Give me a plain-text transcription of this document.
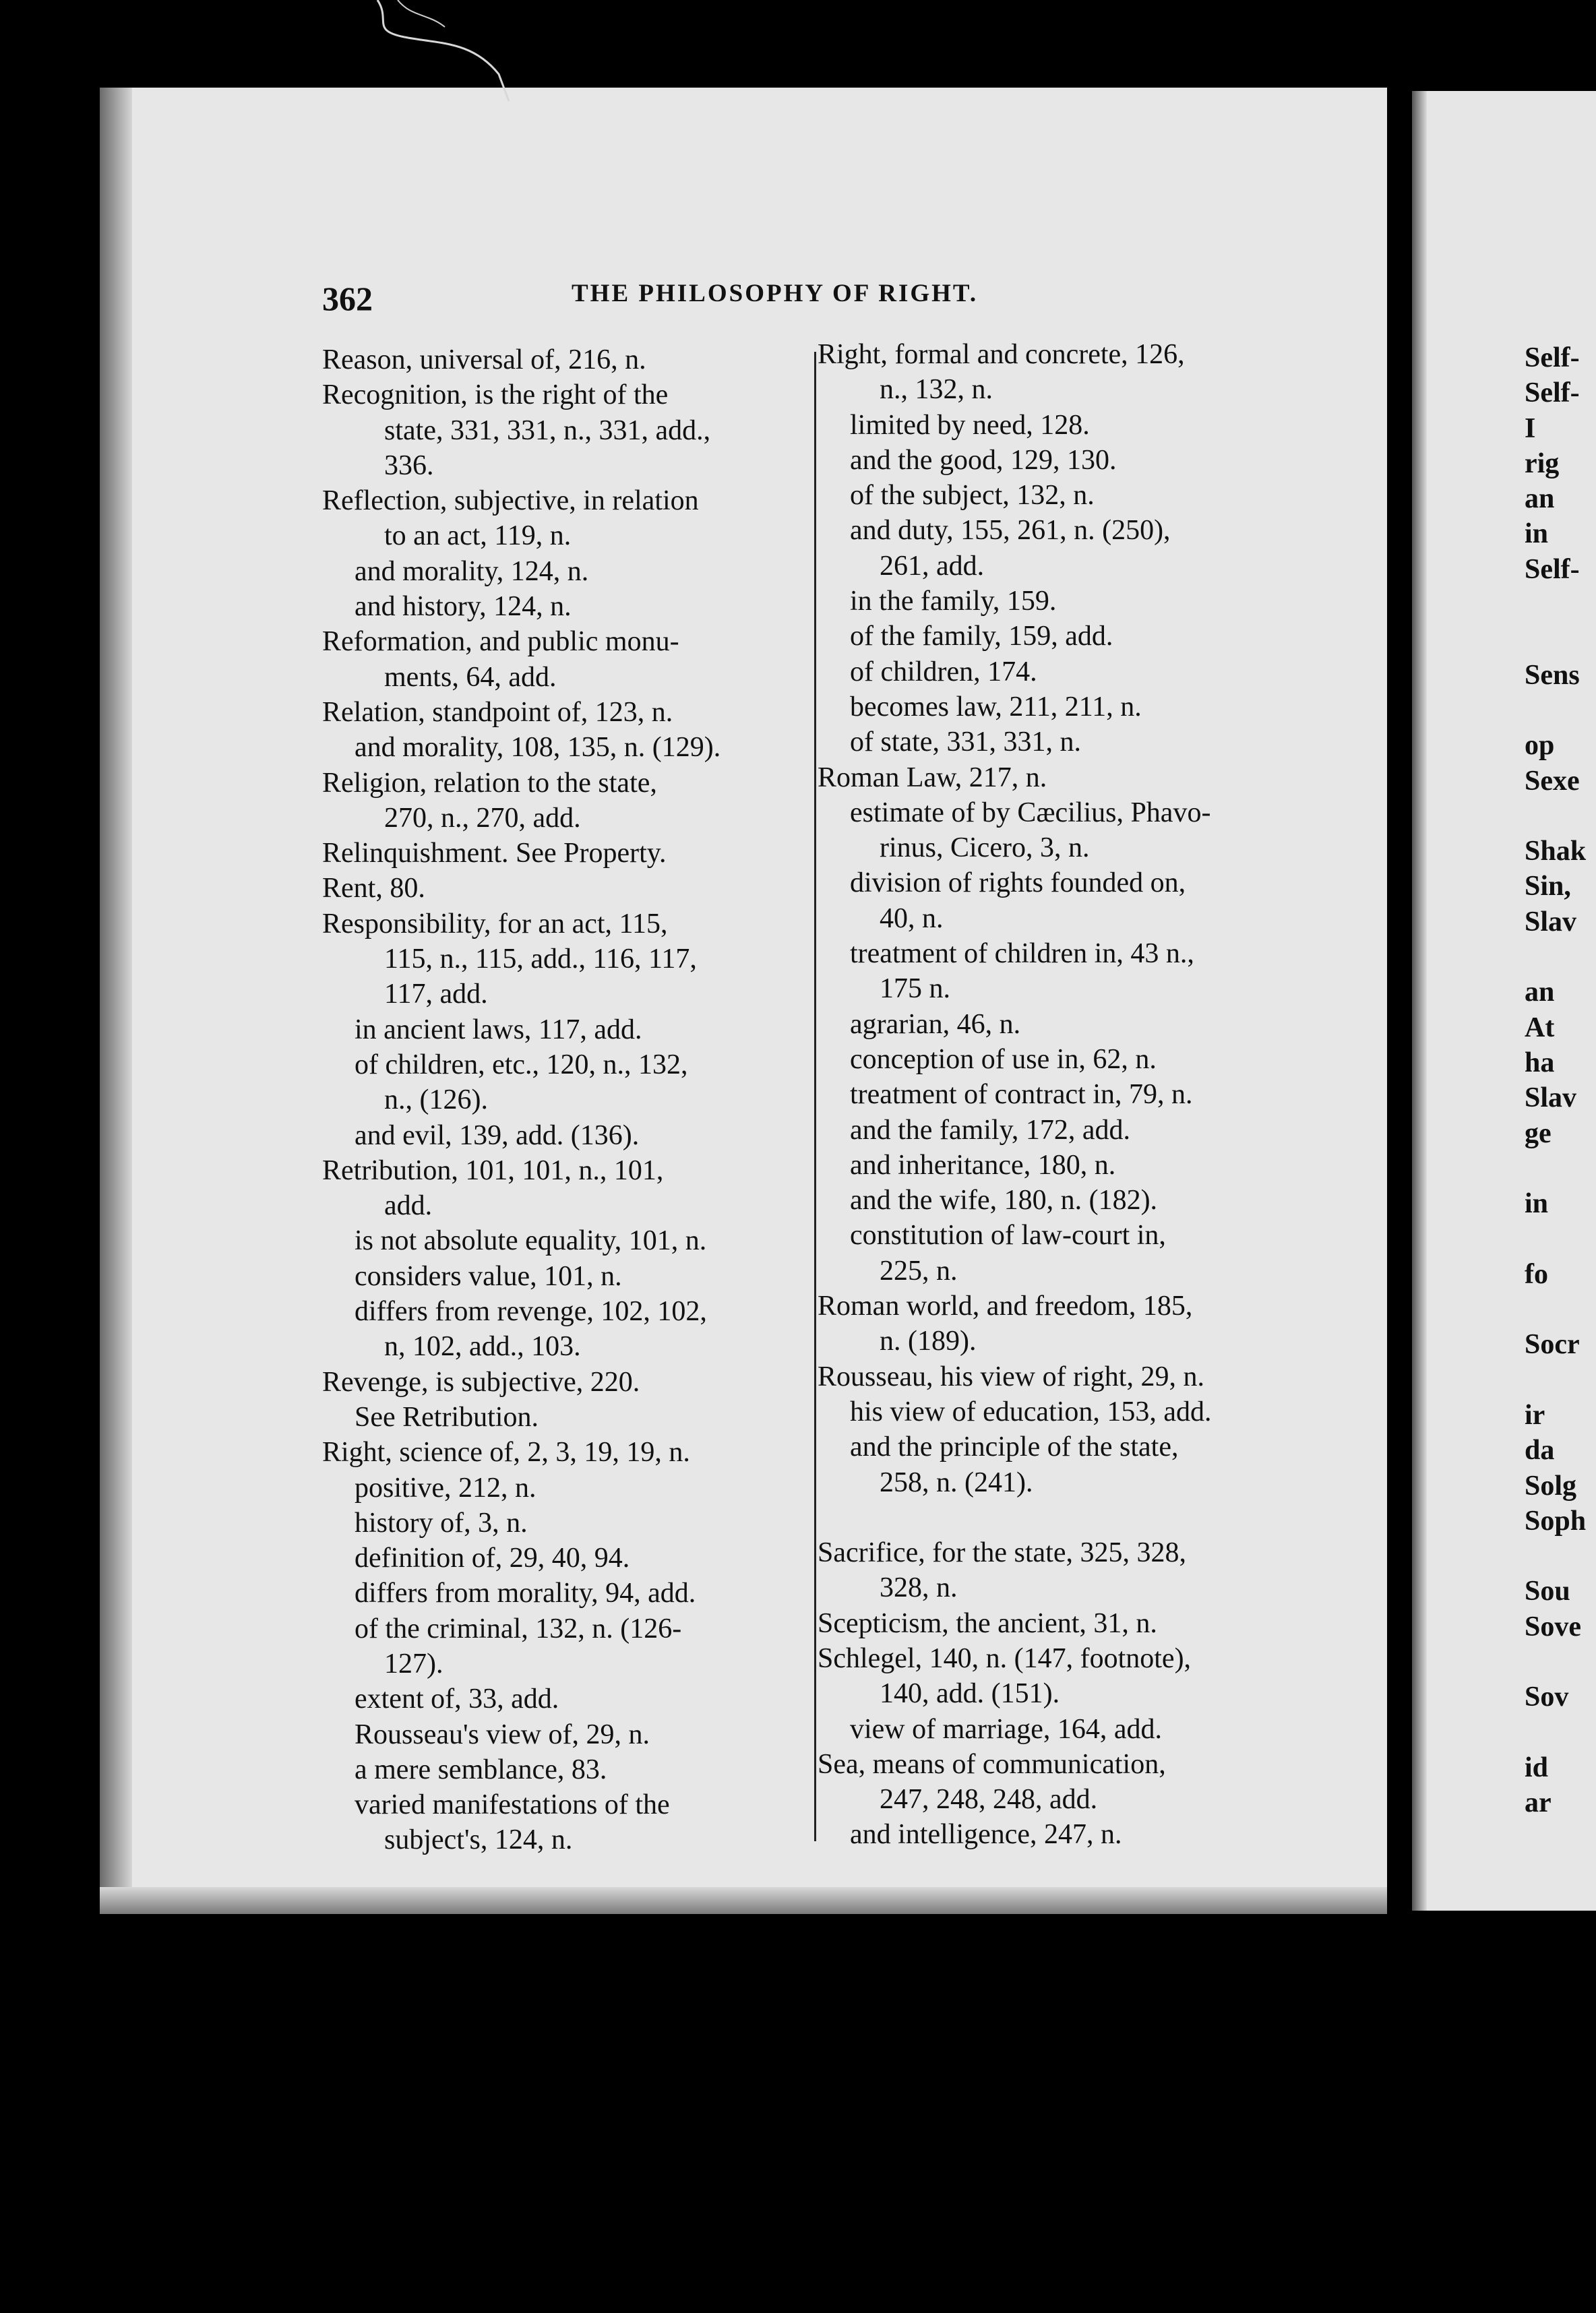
362	THE PHILOSOPHY OF RIGHT.
Reason, universal of, 216, n.
Recognition, is the right of the
state, 331, 331, n., 331, add.,
336.
Reflection, subjective, in relation
to an act, 119, n.
and morality, 124, n.
and history, 124, n.
Reformation, and public monu-
ments, 64, add.
Relation, standpoint of, 123, n.
and morality, 108, 135, n. (129).
Religion, relation to the state,
270, n., 270, add.
Relinquishment. See Property.
Rent, 80.
Responsibility, for an act, 115,
115, n., 115, add., 116, 117,
117, add.
in ancient laws, 117, add.
of children, etc., 120, n., 132,
n., (126).
and evil, 139, add. (136).
Retribution, 101, 101, n., 101,
add.
is not absolute equality, 101, n.
considers value, 101, n.
differs from revenge, 102, 102,
n, 102, add., 103.
Revenge, is subjective, 220.
See Retribution.
Right, science of, 2, 3, 19, 19, n.
positive, 212, n.
history of, 3, n.
definition of, 29, 40, 94.
differs from morality, 94, add.
of the criminal, 132, n. (126-
127).
extent of, 33, add.
Rousseau's view of, 29, n.
a mere semblance, 83.
varied manifestations of the
subject's, 124, n.
Right, formal and concrete, 126,
n., 132, n.
limited by need, 128.
and the good, 129, 130.
of the subject, 132, n.
and duty, 155, 261, n. (250),
261, add.
in the family, 159.
of the family, 159, add.
of children, 174.
becomes law, 211, 211, n.
of state, 331, 331, n.
Roman Law, 217, n.
estimate of by Cæcilius, Phavo-
rinus, Cicero, 3, n.
division of rights founded on,
40, n.
treatment of children in, 43 n.,
175 n.
agrarian, 46, n.
conception of use in, 62, n.
treatment of contract in, 79, n.
and the family, 172, add.
and inheritance, 180, n.
and the wife, 180, n. (182).
constitution of law-court in,
225, n.
Roman world, and freedom, 185,
n. (189).
Rousseau, his view of right, 29, n.
his view of education, 153, add.
and the principle of the state,
258, n. (241).
Sacrifice, for the state, 325, 328,
328, n.
Scepticism, the ancient, 31, n.
Schlegel, 140, n. (147, footnote),
140, add. (151).
view of marriage, 164, add.
Sea, means of communication,
247, 248, 248, add.
and intelligence, 247, n.
Self-
Self-
I
rig
an
in
Self-
Sens
op
Sexe
Shak
Sin,
Slav
an
At
ha
Slav
ge
in
fo
Socr
ir
da
Solg
Soph
Sou
Sove
Sov
id
ar
